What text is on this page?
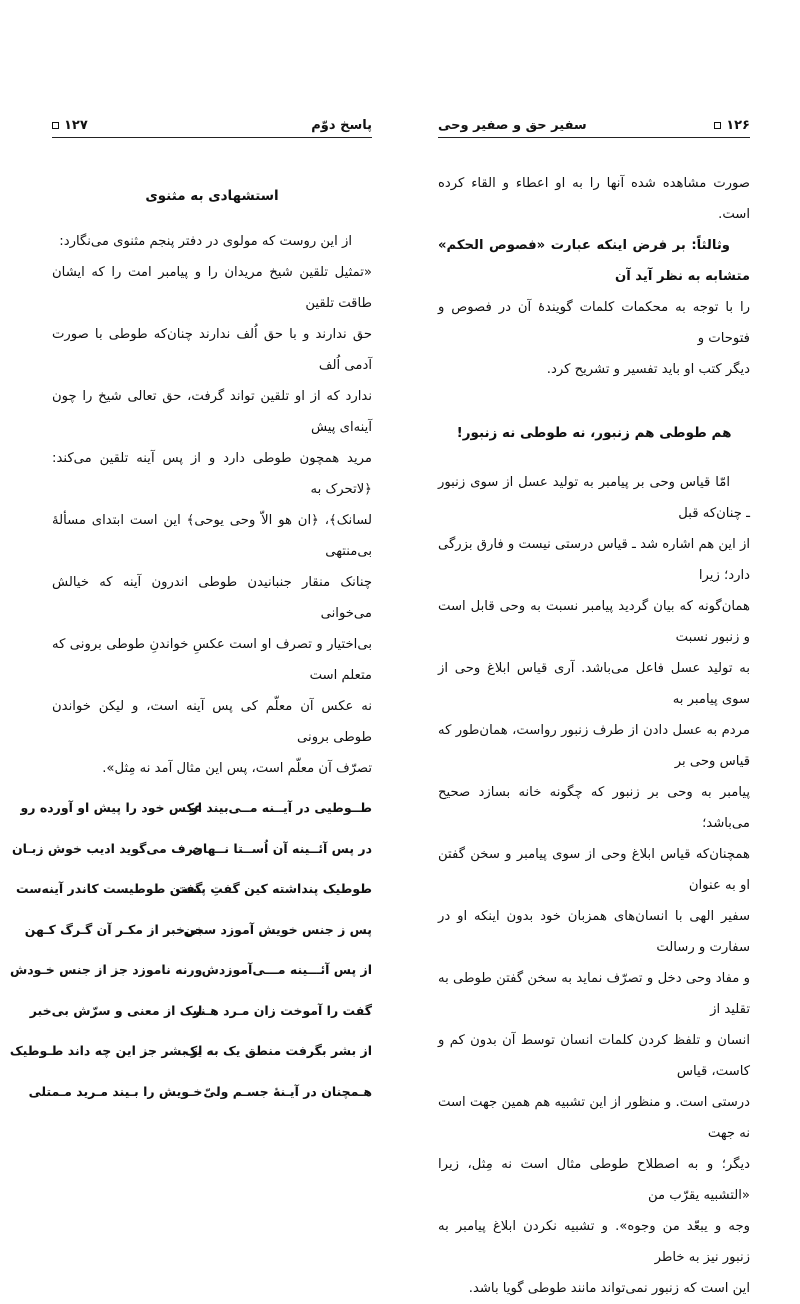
۱۲۶
سفیر حق و صفیر وحی

صورت مشاهده شده آنها را به او اعطاء و القاء کرده است.
وثالثاً: بر فرض اینکه عبارت «فصوص الحکم» متشابه به نظر آید آن
را با توجه به محکمات کلمات گویندهٔ آن در فصوص و فتوحات و
دیگر کتب او باید تفسیر و تشریح کرد.

هم طوطی هم زنبور، نه طوطی نه زنبور!

امّا قیاس وحی بر پیامبر به تولید عسل از سوی زنبور ـ چنان‌که قبل
از این هم اشاره شد ـ قیاس درستی نیست و فارق بزرگی دارد؛ زیرا
همان‌گونه که بیان گردید پیامبر نسبت به وحی قابل است و زنبور نسبت
به تولید عسل فاعل می‌باشد. آری قیاس ابلاغ وحی از سوی پیامبر به
مردم به عسل دادن از طرف زنبور رواست، همان‌طور که قیاس وحی بر
پیامبر به وحی بر زنبور که چگونه خانه بسازد صحیح می‌باشد؛
همچنان‌که قیاس ابلاغ وحی از سوی پیامبر و سخن گفتن او به عنوان
سفیر الهی با انسان‌های همزبان خود بدون اینکه او در سفارت و رسالت
و مفاد وحی دخل و تصرّف نماید به سخن گفتن طوطی به تقلید از
انسان و تلفظ کردن کلمات انسان توسط آن بدون کم و کاست، قیاس
درستی است. و منظور از این تشبیه هم همین جهت است نه جهت
دیگر؛ و به اصطلاح طوطی مثال است نه مِثل، زیرا «التشبیه یقرّب من
وجه و یبعّد من وجوه». و تشبیه نکردن ابلاغ پیامبر به زنبور نیز به خاطر
این است که زنبور نمی‌تواند مانند طوطی گویا باشد.

پاسخ دوّم
۱۲۷

استشهادی به مثنوی

از این روست که مولوی در دفتر پنجم مثنوی می‌نگارد:
«تمثیل تلقین شیخ مریدان را و پیامبر امت را که ایشان طاقت تلقین
حق ندارند و با حق اُلف ندارند چنان‌که طوطی با صورت آدمی اُلف
ندارد که از او تلقین تواند گرفت، حق تعالی شیخ را چون آینه‌ای پیش
مرید همچون طوطی دارد و از پس آینه تلقین می‌کند: ﴿لاتحرک به
لسانک﴾، ﴿ان هو الاّ وحی یوحی﴾ این است ابتدای مسألهٔ بی‌منتهی
چنانک منقار جنبانیدن طوطی اندرون آینه که خیالش می‌خوانی
بی‌اختیار و تصرف او است عکسِ خواندنِ طوطی برونی که متعلم است
نه عکس آن معلّم کی پس آینه است، و لیکن خواندن طوطی برونی
تصرّف آن معلّم است، پس این مثال آمد نه مِثل».

طــوطیی در آیــنه مــی‌بیند او
عکس خود را پیش او آورده رو
در پس آئــینه آن اُســتا نــهان
حرف می‌گوید ادیب خوش زبـان
طوطیک پنداشته کین گفتِ پست
گفتن طوطیست کاندر آینه‌ست
پس ز جنس خویش آموزد سخن
بی‌خبر از مکـر آن گـرگ کـهن
از پس آئـــینه مـــی‌آموزدش
ورنه ناموزد جز از جنس خـودش
گفت را آموخت زان مـرد هـنر
لیک از معنی و سرّش بی‌خبر
از بشر بگرفت منطق یک به یک
از بشر جز این چه داند طـوطیک
هـمچنان در آیـنهٔ جسـم ولیّ
خـویش را بـیند مـرید مـمتلی
